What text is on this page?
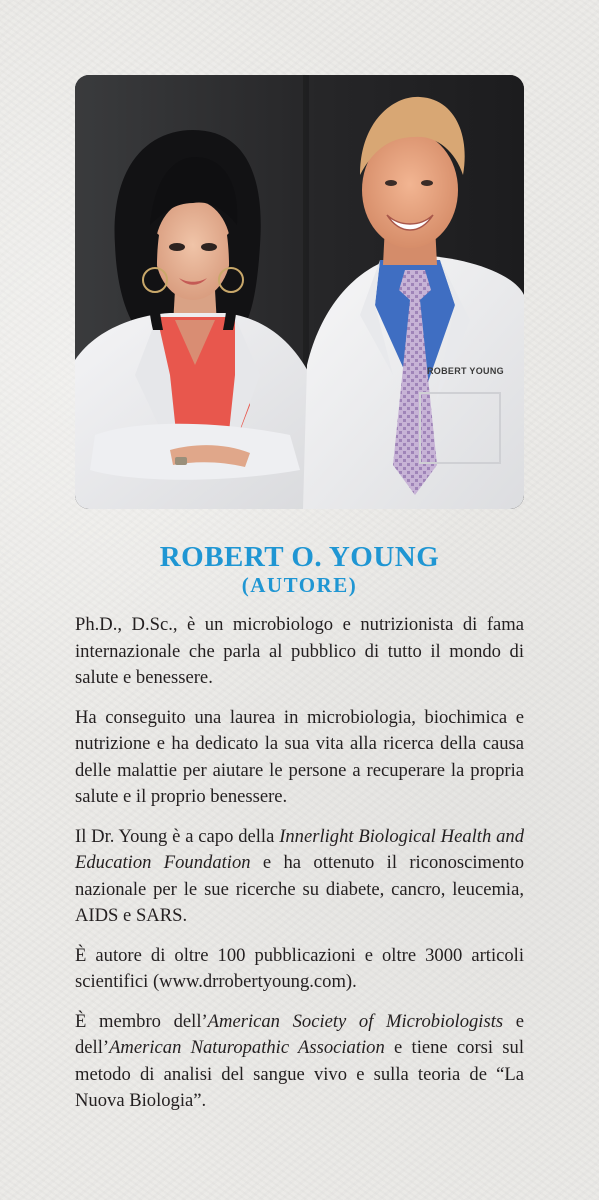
ROBERT YOUNG
ROBERT O. YOUNG
(AUTORE)

Ph.D., D.Sc., è un microbiologo e nutrizionista di fama internazionale che parla al pubblico di tutto il mondo di salute e benessere.

Ha conseguito una laurea in microbiologia, biochimica e nutrizione e ha dedicato la sua vita alla ricerca della causa delle malattie per aiutare le persone a recuperare la propria salute e il proprio benessere.

Il Dr. Young è a capo della Innerlight Biological Health and Education Foundation e ha ottenuto il riconoscimento nazionale per le sue ricerche su diabete, cancro, leucemia, AIDS e SARS.

È autore di oltre 100 pubblicazioni e oltre 3000 articoli scientifici (www.drrobertyoung.com).

È membro dell’American Society of Microbiologists e dell’American Naturopathic Association e tiene corsi sul metodo di analisi del sangue vivo e sulla teoria de “La Nuova Biologia”.
